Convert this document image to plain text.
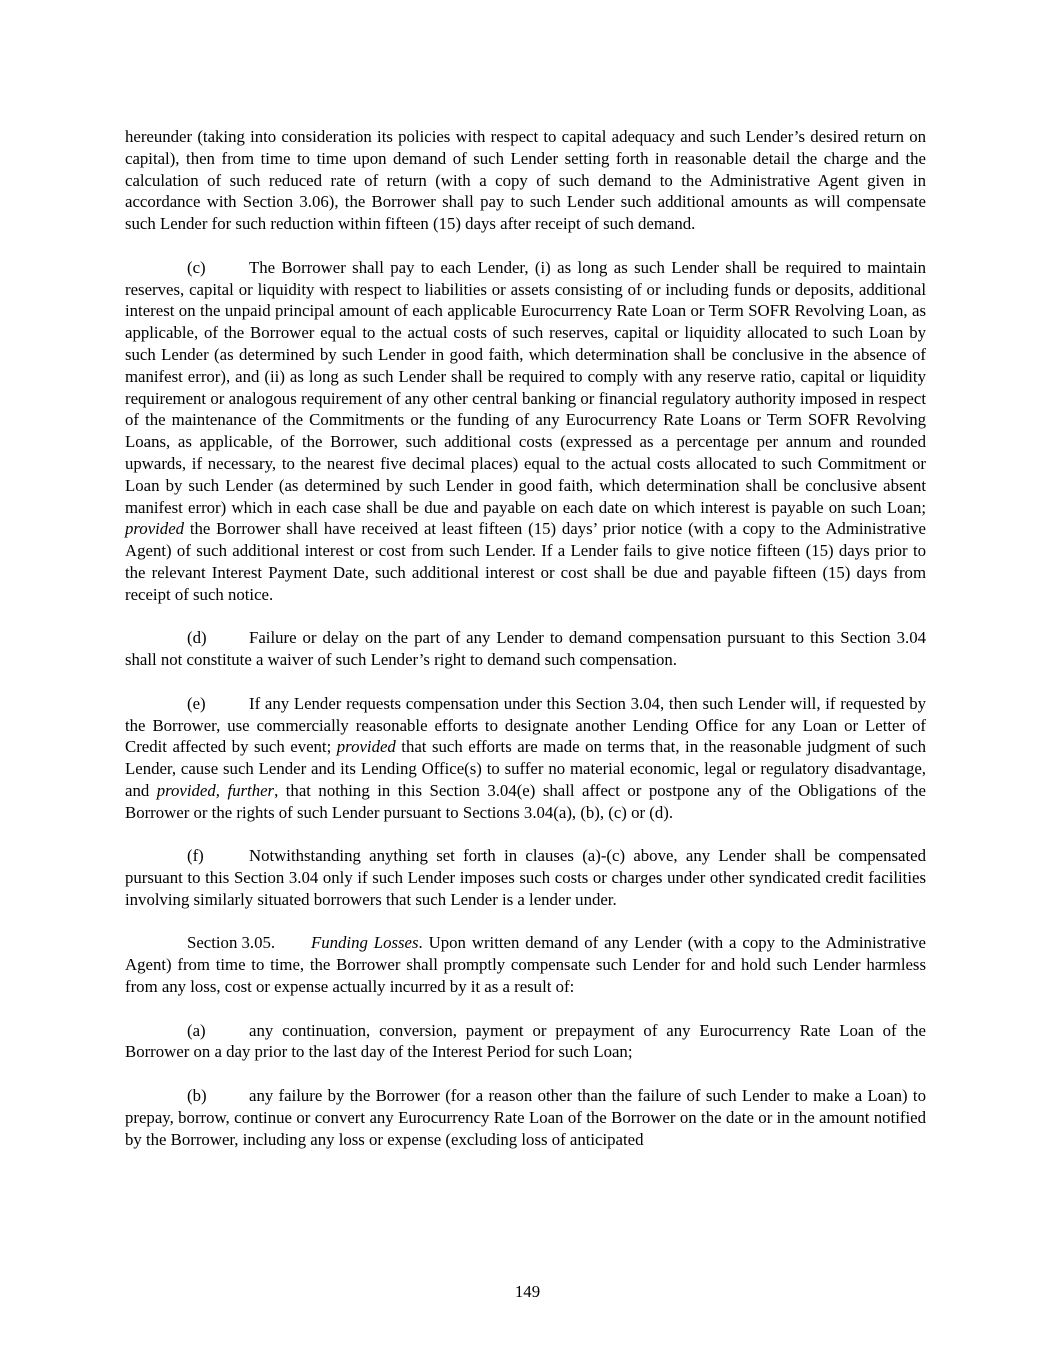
hereunder (taking into consideration its policies with respect to capital adequacy and such Lender’s desired return on capital), then from time to time upon demand of such Lender setting forth in reasonable detail the charge and the calculation of such reduced rate of return (with a copy of such demand to the Administrative Agent given in accordance with Section 3.06), the Borrower shall pay to such Lender such additional amounts as will compensate such Lender for such reduction within fifteen (15) days after receipt of such demand.

(c)	The Borrower shall pay to each Lender, (i) as long as such Lender shall be required to maintain reserves, capital or liquidity with respect to liabilities or assets consisting of or including funds or deposits, additional interest on the unpaid principal amount of each applicable Eurocurrency Rate Loan or Term SOFR Revolving Loan, as applicable, of the Borrower equal to the actual costs of such reserves, capital or liquidity allocated to such Loan by such Lender (as determined by such Lender in good faith, which determination shall be conclusive in the absence of manifest error), and (ii) as long as such Lender shall be required to comply with any reserve ratio, capital or liquidity requirement or analogous requirement of any other central banking or financial regulatory authority imposed in respect of the maintenance of the Commitments or the funding of any Eurocurrency Rate Loans or Term SOFR Revolving Loans, as applicable, of the Borrower, such additional costs (expressed as a percentage per annum and rounded upwards, if necessary, to the nearest five decimal places) equal to the actual costs allocated to such Commitment or Loan by such Lender (as determined by such Lender in good faith, which determination shall be conclusive absent manifest error) which in each case shall be due and payable on each date on which interest is payable on such Loan; provided the Borrower shall have received at least fifteen (15) days’ prior notice (with a copy to the Administrative Agent) of such additional interest or cost from such Lender. If a Lender fails to give notice fifteen (15) days prior to the relevant Interest Payment Date, such additional interest or cost shall be due and payable fifteen (15) days from receipt of such notice.

(d)	Failure or delay on the part of any Lender to demand compensation pursuant to this Section 3.04 shall not constitute a waiver of such Lender’s right to demand such compensation.

(e)	If any Lender requests compensation under this Section 3.04, then such Lender will, if requested by the Borrower, use commercially reasonable efforts to designate another Lending Office for any Loan or Letter of Credit affected by such event; provided that such efforts are made on terms that, in the reasonable judgment of such Lender, cause such Lender and its Lending Office(s) to suffer no material economic, legal or regulatory disadvantage, and provided, further, that nothing in this Section 3.04(e) shall affect or postpone any of the Obligations of the Borrower or the rights of such Lender pursuant to Sections 3.04(a), (b), (c) or (d).

(f)	Notwithstanding anything set forth in clauses (a)-(c) above, any Lender shall be compensated pursuant to this Section 3.04 only if such Lender imposes such costs or charges under other syndicated credit facilities involving similarly situated borrowers that such Lender is a lender under.

Section 3.05. Funding Losses. Upon written demand of any Lender (with a copy to the Administrative Agent) from time to time, the Borrower shall promptly compensate such Lender for and hold such Lender harmless from any loss, cost or expense actually incurred by it as a result of:

(a)	any continuation, conversion, payment or prepayment of any Eurocurrency Rate Loan of the Borrower on a day prior to the last day of the Interest Period for such Loan;

(b)	any failure by the Borrower (for a reason other than the failure of such Lender to make a Loan) to prepay, borrow, continue or convert any Eurocurrency Rate Loan of the Borrower on the date or in the amount notified by the Borrower, including any loss or expense (excluding loss of anticipated

149
